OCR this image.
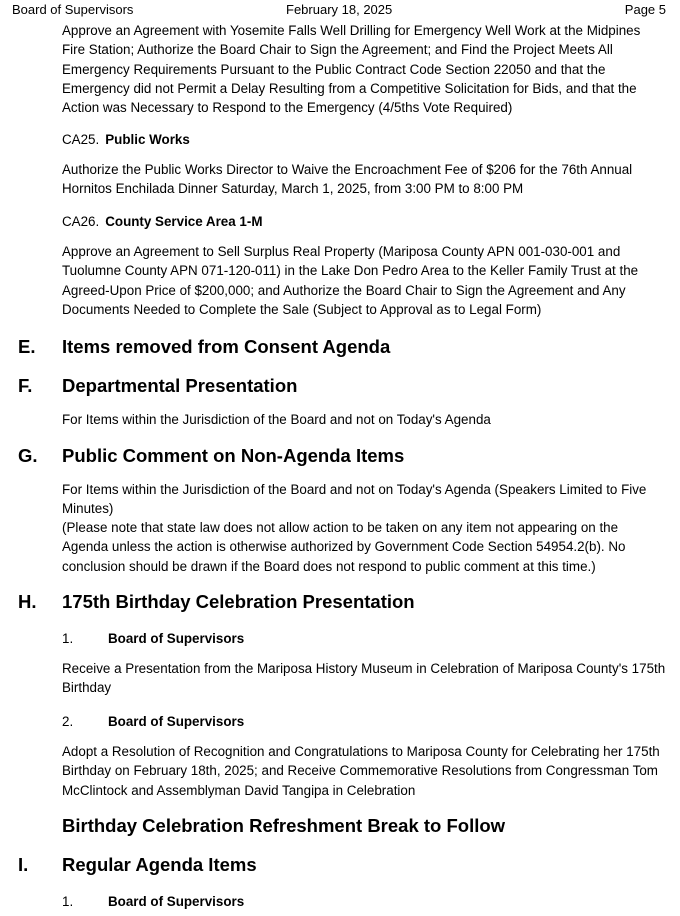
Board of Supervisors	February 18, 2025	Page 5

Approve an Agreement with Yosemite Falls Well Drilling for Emergency Well Work at the Midpines Fire Station; Authorize the Board Chair to Sign the Agreement; and Find the Project Meets All Emergency Requirements Pursuant to the Public Contract Code Section 22050 and that the Emergency did not Permit a Delay Resulting from a Competitive Solicitation for Bids, and that the Action was Necessary to Respond to the Emergency (4/5ths Vote Required)

CA25. Public Works

Authorize the Public Works Director to Waive the Encroachment Fee of $206 for the 76th Annual Hornitos Enchilada Dinner Saturday, March 1, 2025, from 3:00 PM to 8:00 PM

CA26. County Service Area 1-M

Approve an Agreement to Sell Surplus Real Property (Mariposa County APN 001-030-001 and Tuolumne County APN 071-120-011) in the Lake Don Pedro Area to the Keller Family Trust at the Agreed-Upon Price of $200,000; and Authorize the Board Chair to Sign the Agreement and Any Documents Needed to Complete the Sale (Subject to Approval as to Legal Form)

E. Items removed from Consent Agenda
F. Departmental Presentation

For Items within the Jurisdiction of the Board and not on Today's Agenda

G. Public Comment on Non-Agenda Items

For Items within the Jurisdiction of the Board and not on Today's Agenda (Speakers Limited to Five Minutes)

(Please note that state law does not allow action to be taken on any item not appearing on the Agenda unless the action is otherwise authorized by Government Code Section 54954.2(b). No conclusion should be drawn if the Board does not respond to public comment at this time.)

H. 175th Birthday Celebration Presentation
1.	Board of Supervisors

Receive a Presentation from the Mariposa History Museum in Celebration of Mariposa County's 175th Birthday

2.	Board of Supervisors

Adopt a Resolution of Recognition and Congratulations to Mariposa County for Celebrating her 175th Birthday on February 18th, 2025; and Receive Commemorative Resolutions from Congressman Tom McClintock and Assemblyman David Tangipa in Celebration

Birthday Celebration Refreshment Break to Follow
I. Regular Agenda Items
1.	Board of Supervisors
